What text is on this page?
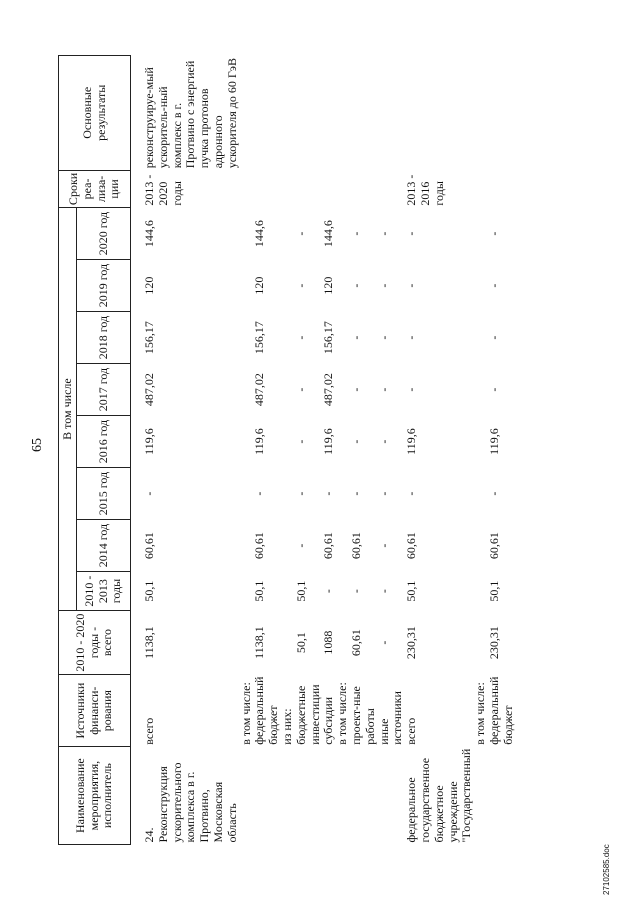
65
Наименование мероприятия, исполнитель	Источники финанси-рования	2010 - 2020 годы - всего	В том числе								Сроки реа-лиза-ции	Основные результаты
			2010 - 2013 годы	2014 год	2015 год	2016 год	2017 год	2018 год	2019 год	2020 год		

24. Реконструкция ускорительного комплекса в г. Протвино, Московская область	всего	1138,1	50,1	60,61	-	119,6	487,02	156,17	120	144,6	2013 - 2020 годы	реконструируе-мый ускоритель-ный комплекс в г. Протвино с энергией пучка протонов адронного ускорителя до 60 ГэВ
	в том числе:											
	федеральный бюджет	1138,1	50,1	60,61	-	119,6	487,02	156,17	120	144,6		
	из них:											
	бюджетные инвестиции	50,1	50,1	-	-	-	-	-	-	-		
	субсидии	1088	-	60,61	-	119,6	487,02	156,17	120	144,6		
	в том числе:											
	проект-ные работы	60,61	-	60,61	-	-	-	-	-	-		
	иные источники	-	-	-	-	-	-	-	-	-		
федеральное государственное бюджетное учреждение "Государственный	всего	230,31	50,1	60,61	-	119,6	-	-	-	-	2013 - 2016 годы	
	в том числе:											
	федеральный бюджет	230,31	50,1	60,61	-	119,6	-	-	-	-		
27102585.doc
